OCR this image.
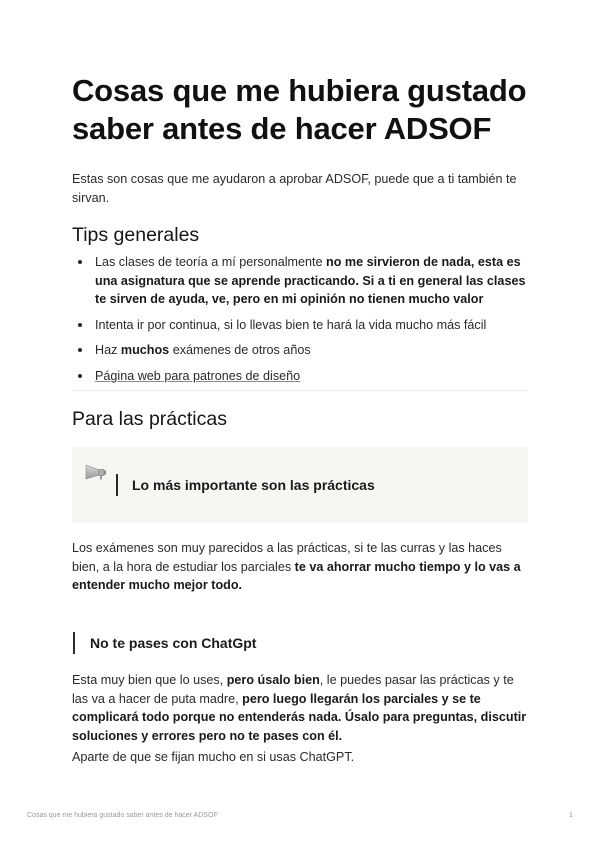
Cosas que me hubiera gustado saber antes de hacer ADSOF

Estas son cosas que me ayudaron a aprobar ADSOF, puede que a ti también te sirvan.

Tips generales
Las clases de teoría a mí personalmente no me sirvieron de nada, esta es una asignatura que se aprende practicando. Si a ti en general las clases te sirven de ayuda, ve, pero en mi opinión no tienen mucho valor
Intenta ir por continua, si lo llevas bien te hará la vida mucho más fácil
Haz muchos exámenes de otros años
Página web para patrones de diseño
Para las prácticas
Lo más importante son las prácticas

Los exámenes son muy parecidos a las prácticas, si te las curras y las haces bien, a la hora de estudiar los parciales te va ahorrar mucho tiempo y lo vas a entender mucho mejor todo.

No te pases con ChatGpt

Esta muy bien que lo uses, pero úsalo bien, le puedes pasar las prácticas y te las va a hacer de puta madre, pero luego llegarán los parciales y se te complicará todo porque no entenderás nada. Úsalo para preguntas, discutir soluciones y errores pero no te pases con él.

Aparte de que se fijan mucho en si usas ChatGPT.

Cosas que me hubiera gustado saber antes de hacer ADSOF	1
